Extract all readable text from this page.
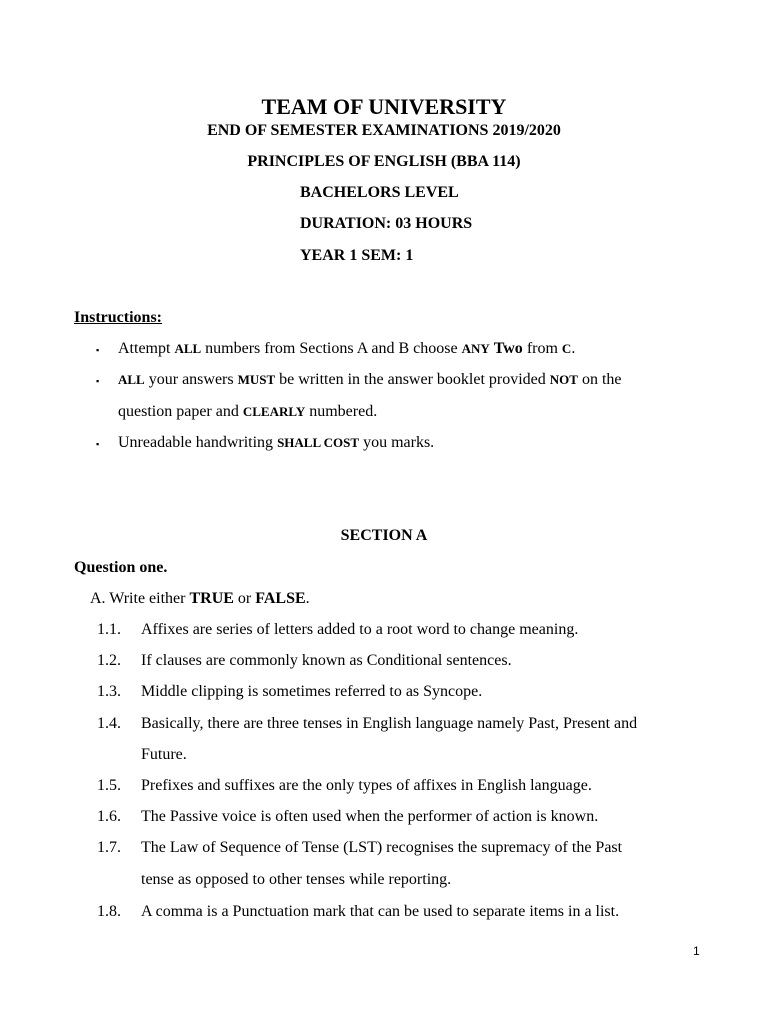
TEAM OF UNIVERSITY
END OF SEMESTER EXAMINATIONS 2019/2020
PRINCIPLES OF ENGLISH (BBA 114)
BACHELORS LEVEL
DURATION: 03 HOURS
YEAR 1 SEM: 1
Instructions:
▪ Attempt ALL numbers from Sections A and B choose ANY Two from C.
▪ ALL your answers MUST be written in the answer booklet provided NOT on the
question paper and CLEARLY numbered.
▪ Unreadable handwriting SHALL COST you marks.
SECTION A
Question one.
A. Write either TRUE or FALSE.
1.1. Affixes are series of letters added to a root word to change meaning.
1.2. If clauses are commonly known as Conditional sentences.
1.3. Middle clipping is sometimes referred to as Syncope.
1.4. Basically, there are three tenses in English language namely Past, Present and
Future.
1.5. Prefixes and suffixes are the only types of affixes in English language.
1.6. The Passive voice is often used when the performer of action is known.
1.7. The Law of Sequence of Tense (LST) recognises the supremacy of the Past
tense as opposed to other tenses while reporting.
1.8. A comma is a Punctuation mark that can be used to separate items in a list.
1
